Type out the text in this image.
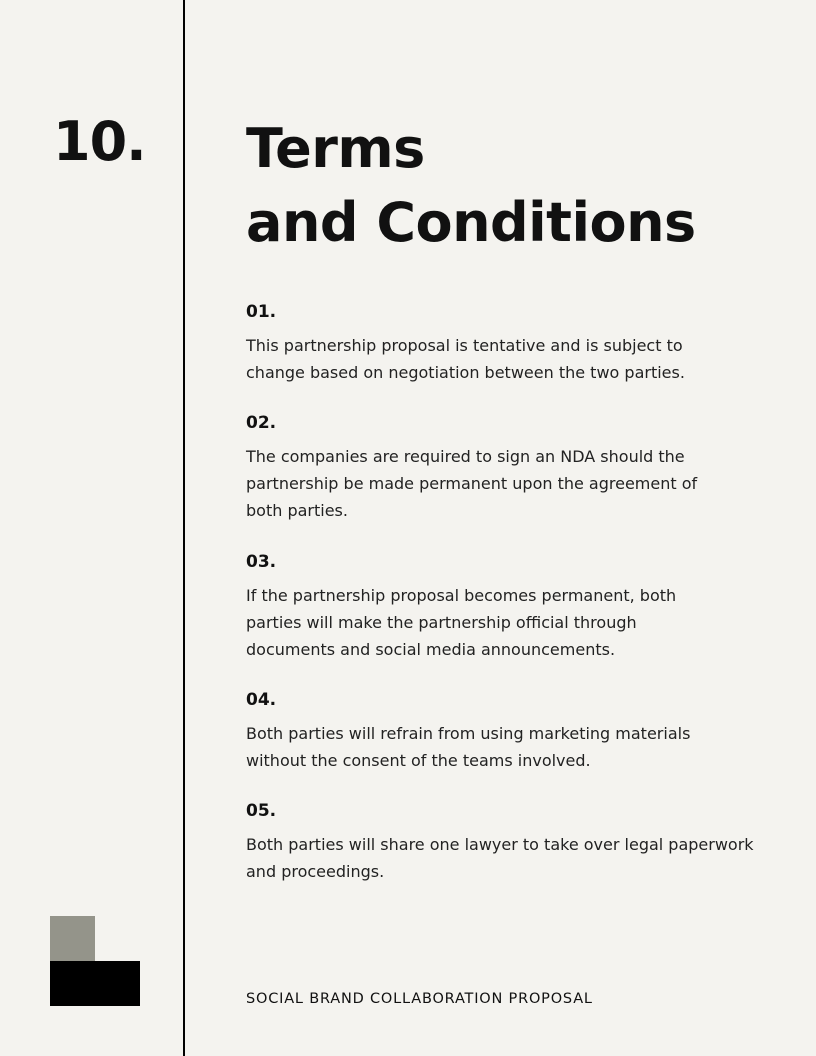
10. Terms
and Conditions
01.

This partnership proposal is tentative and is subject to change based on negotiation between the two parties.

02.

The companies are required to sign an NDA should the partnership be made permanent upon the agreement of both parties.

03.

If the partnership proposal becomes permanent, both parties will make the partnership official through documents and social media announcements.

04.

Both parties will refrain from using marketing materials without the consent of the teams involved.

05.

Both parties will share one lawyer to take over legal paperwork and proceedings.

SOCIAL BRAND COLLABORATION PROPOSAL
